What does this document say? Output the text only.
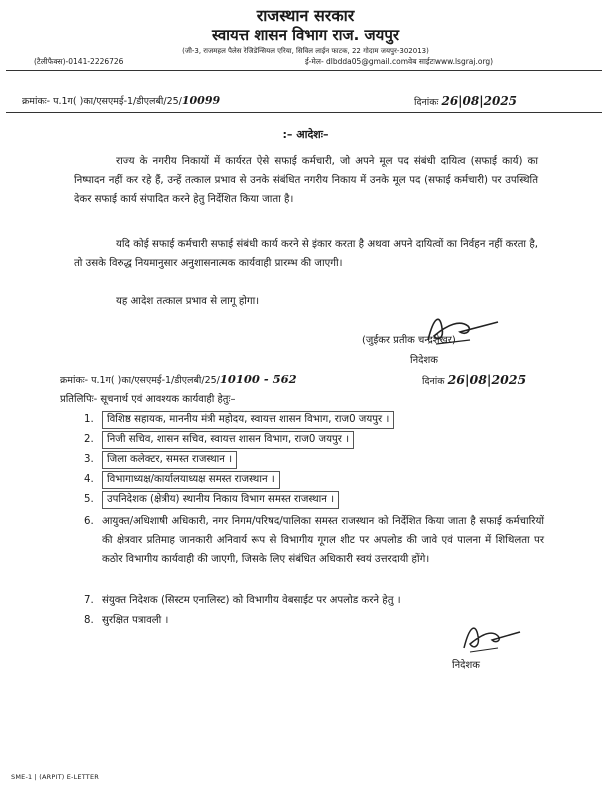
राजस्थान सरकार
स्वायत्त शासन विभाग राज. जयपुर
(जी-3, राजमहल पैलेस रेजिडेन्सियल एरिया, सिविल लाईन फाटक, 22 गोदाम जयपुर-302013)
(टैलीफैक्स)-0141-2226726	ई-मेल- dlbdda05@gmail.comवेब साईटःwww.lsgraj.org)
क्रमांकः- प.1ग( )का/एसएमई-1/डीएलबी/25/10099	दिनांकः 26|08|2025
:– आदेशः–

राज्य के नगरीय निकायों में कार्यरत ऐसे सफाई कर्मचारी, जो अपने मूल पद संबंधी दायित्व (सफाई कार्य) का निष्पादन नहीं कर रहे हैं, उन्हें तत्काल प्रभाव से उनके संबंधित नगरीय निकाय में उनके मूल पद (सफाई कर्मचारी) पर उपस्थिति देकर सफाई कार्य संपादित करने हेतु निर्देशित किया जाता है।

यदि कोई सफाई कर्मचारी सफाई संबंधी कार्य करने से इंकार करता है अथवा अपने दायित्वों का निर्वहन नहीं करता है, तो उसके विरुद्ध नियमानुसार अनुशासनात्मक कार्यवाही प्रारम्भ की जाएगी।

यह आदेश तत्काल प्रभाव से लागू होगा।

(जुईकर प्रतीक चन्द्रशेखर)
निदेशक
क्रमांकः- प.1ग( )का/एसएमई-1/डीएलबी/25/10100 - 562	दिनांक 26|08|2025
प्रतिलिपिः- सूचनार्थ एवं आवश्यक कार्यवाही हेतुः–
1.	विशिष्ठ सहायक, माननीय मंत्री महोदय, स्वायत्त शासन विभाग, राज0 जयपुर ।
2.	निजी सचिव, शासन सचिव, स्वायत्त शासन विभाग, राज0 जयपुर ।
3.	जिला कलेक्टर, समस्त राजस्थान ।
4.	विभागाध्यक्ष/कार्यालयाध्यक्ष समस्त राजस्थान ।
5.	उपनिदेशक (क्षेत्रीय) स्थानीय निकाय विभाग समस्त राजस्थान ।
6. आयुक्त/अधिशाषी अधिकारी, नगर निगम/परिषद/पालिका समस्त राजस्थान को निर्देशित किया जाता है सफाई कर्मचारियों की क्षेत्रवार प्रतिमाह जानकारी अनिवार्य रूप से विभागीय गूगल शीट पर अपलोड की जावे एवं पालना में शिथिलता पर कठोर विभागीय कार्यवाही की जाएगी, जिसके लिए संबंधित अधिकारी स्वयं उत्तरदायी होंगे।
7. संयुक्त निदेशक (सिस्टम एनालिस्ट) को विभागीय वेबसाईट पर अपलोड करने हेतु ।
8. सुरक्षित पत्रावली ।
निदेशक
SME-1 | (ARPIT) E-LETTER
